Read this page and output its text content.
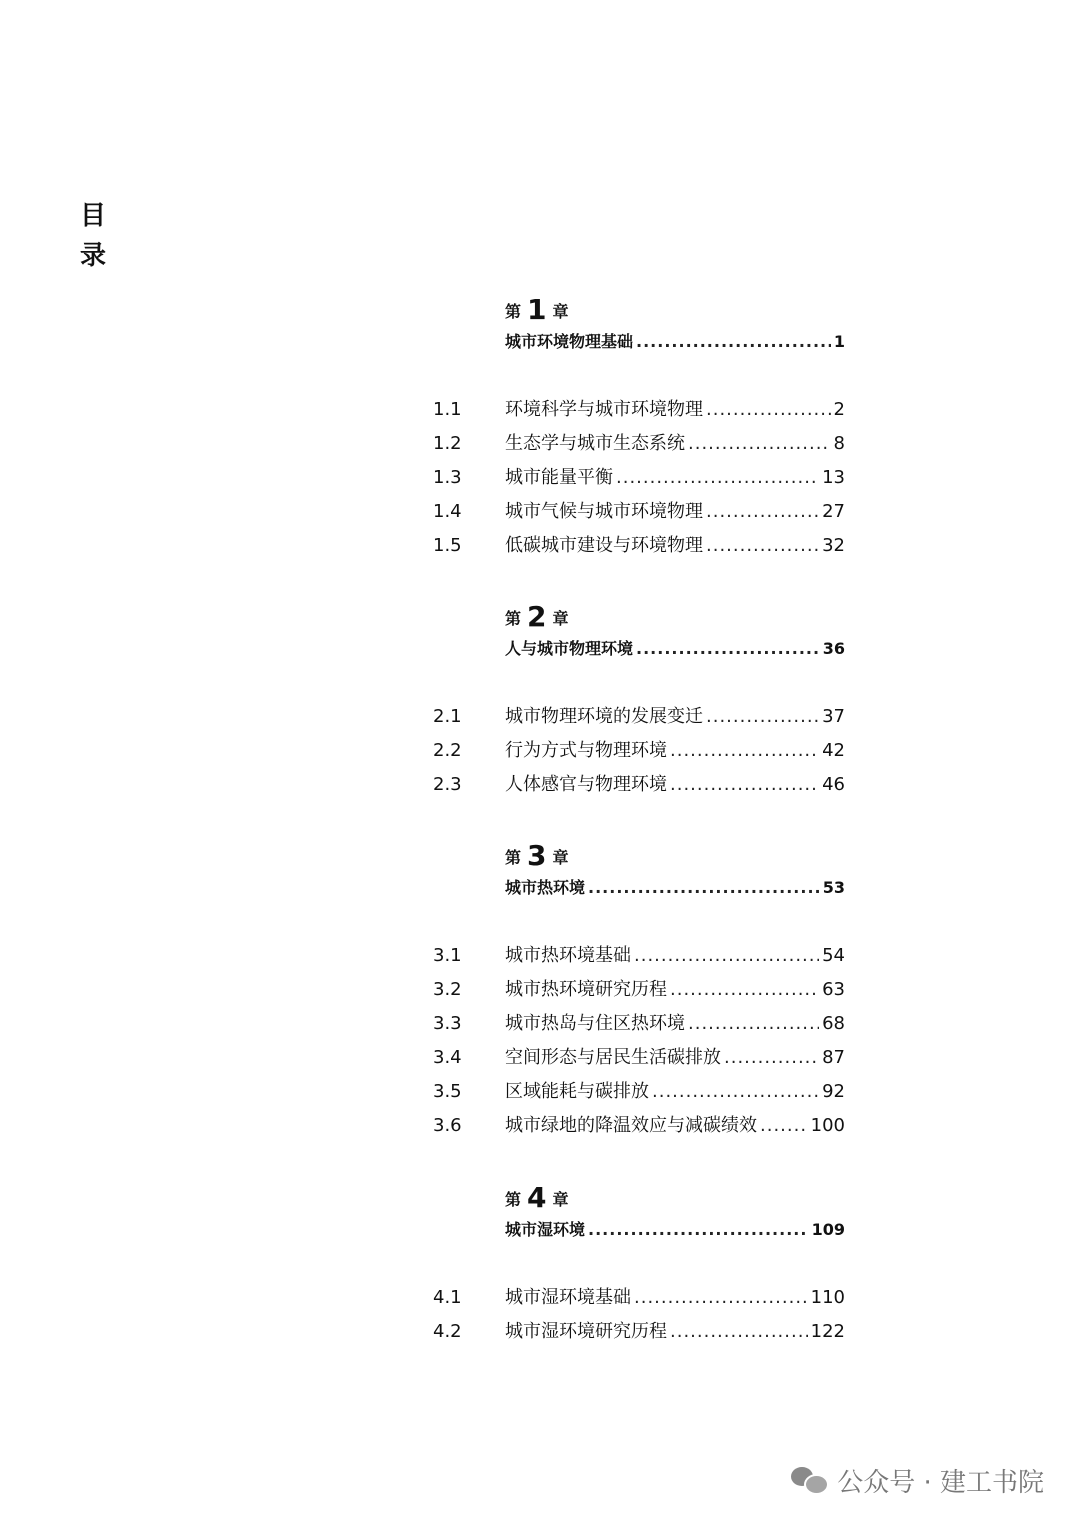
目
录
第 1 章
城市环境物理基础 .....	1
1.1 环境科学与城市环境物理 .....	2
1.2 生态学与城市生态系统 .....	8
1.3 城市能量平衡 .....	13
1.4 城市气候与城市环境物理 .....	27
1.5 低碳城市建设与环境物理 .....	32
第 2 章
人与城市物理环境 .....	36
2.1 城市物理环境的发展变迁 .....	37
2.2 行为方式与物理环境 .....	42
2.3 人体感官与物理环境 .....	46
第 3 章
城市热环境 .....	53
3.1 城市热环境基础 .....	54
3.2 城市热环境研究历程 .....	63
3.3 城市热岛与住区热环境 .....	68
3.4 空间形态与居民生活碳排放 .....	87
3.5 区域能耗与碳排放 .....	92
3.6 城市绿地的降温效应与减碳绩效 .....	100
第 4 章
城市湿环境 .....	109
4.1 城市湿环境基础 .....	110
4.2 城市湿环境研究历程 .....	122
公众号 · 建工书院
